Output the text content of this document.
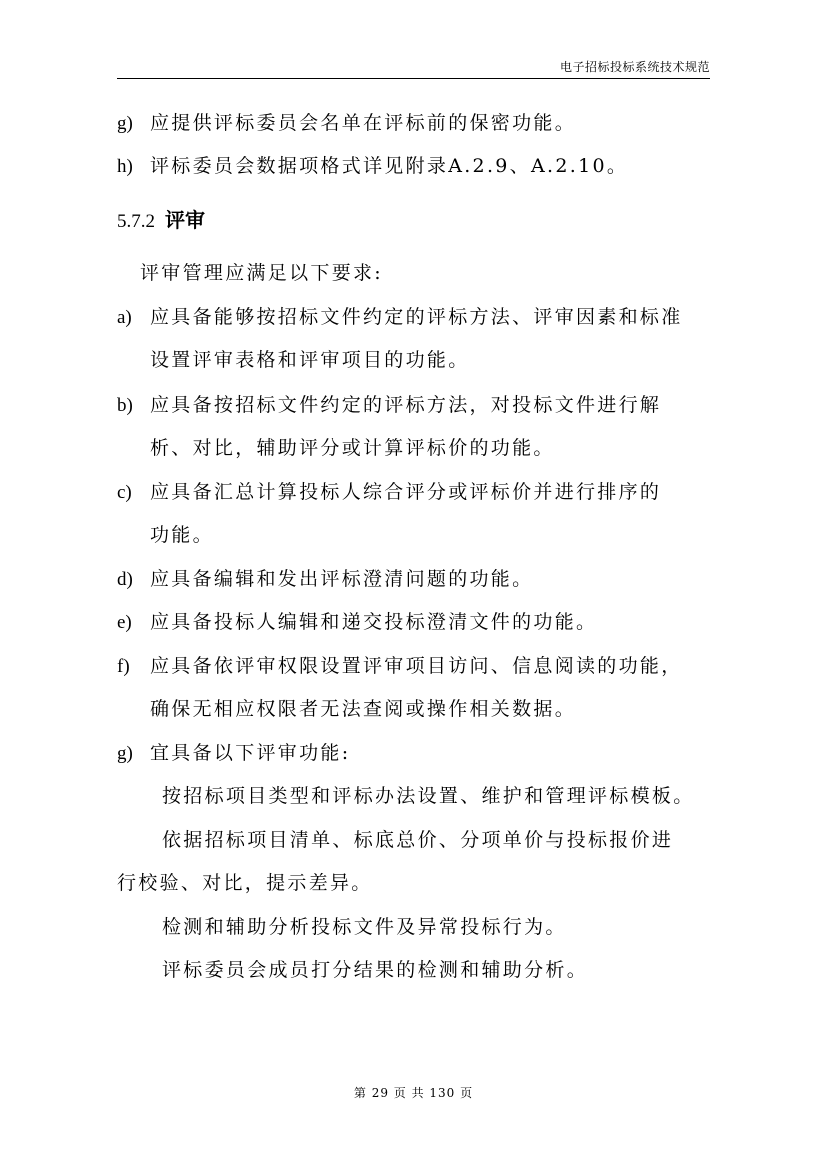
电子招标投标系统技术规范
g) 应提供评标委员会名单在评标前的保密功能。
h) 评标委员会数据项格式详见附录A.2.9、A.2.10。
5.7.2 评审
评审管理应满足以下要求:
a) 应具备能够按招标文件约定的评标方法、评审因素和标准
设置评审表格和评审项目的功能。
b) 应具备按招标文件约定的评标方法，对投标文件进行解
析、对比，辅助评分或计算评标价的功能。
c) 应具备汇总计算投标人综合评分或评标价并进行排序的
功能。
d) 应具备编辑和发出评标澄清问题的功能。
e) 应具备投标人编辑和递交投标澄清文件的功能。
f) 应具备依评审权限设置评审项目访问、信息阅读的功能，
确保无相应权限者无法查阅或操作相关数据。
g) 宜具备以下评审功能:
按招标项目类型和评标办法设置、维护和管理评标模板。
依据招标项目清单、标底总价、分项单价与投标报价进
行校验、对比，提示差异。
检测和辅助分析投标文件及异常投标行为。
评标委员会成员打分结果的检测和辅助分析。
第 29 页 共 130 页
